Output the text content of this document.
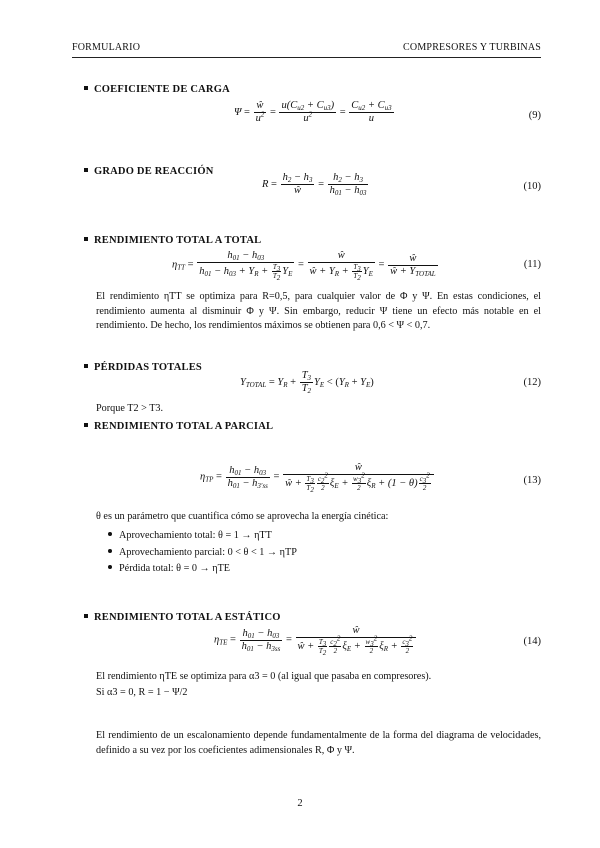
FORMULARIO	COMPRESORES Y TURBINAS
COEFICIENTE DE CARGA
$\Psi = \frac{ŵ}{u^2} = \frac{u(C_{u2} + C_{u3})}{u^2} = \frac{C_{u2} + C_{u3}}{u}$	(9)
GRADO DE REACCIÓN
$R = \frac{h_2 - h_3}{ŵ} = \frac{h_2 - h_3}{h_{01} - h_{03}}$	(10)
RENDIMIENTO TOTAL A TOTAL
$\eta_{TT} = \frac{h_{01} - h_{03}}{h_{01} - h_{03} + Y_R + \frac{T_3}{T_2} Y_E} = \frac{ŵ}{ŵ + Y_R + \frac{T_3}{T_2} Y_E} = \frac{ŵ}{ŵ + Y_{TOTAL}}$	(11)
El rendimiento ηTT se optimiza para R=0,5, para cualquier valor de Φ y Ψ. En estas condiciones, el rendimiento aumenta al disminuir Φ y Ψ. Sin embargo, reducir Ψ tiene un efecto más notable en el rendimiento. De hecho, los rendimientos máximos se obtienen para 0,6 < Ψ < 0,7.
PÉRDIDAS TOTALES
$Y_{TOTAL} = Y_R + \frac{T_3}{T_2} Y_E < (Y_R + Y_E)$	(12)
Porque T2 > T3.
RENDIMIENTO TOTAL A PARCIAL
$\eta_{TP} = \frac{h_{01} - h_{03}}{h_{01} - h_{3'ss}} = \frac{ŵ}{ŵ + \frac{T_3}{T_2} \frac{c_2^2}{2} \xi_E + \frac{w_3^2}{2} \xi_R + (1 - \theta) \frac{c_3^2}{2}}$	(13)
θ es un parámetro que cuantifica cómo se aprovecha la energía cinética:
Aprovechamiento total: θ = 1 → ηTT
Aprovechamiento parcial: 0 < θ < 1 → ηTP
Pérdida total: θ = 0 → ηTE
RENDIMIENTO TOTAL A ESTÁTICO
$\eta_{TE} = \frac{h_{01} - h_{03}}{h_{01} - h_{3ss}} = \frac{ŵ}{ŵ + \frac{T_3}{T_2} \frac{c_2^2}{2} \xi_E + \frac{w_3^2}{2} \xi_R + \frac{c_3^2}{2}}$	(14)
El rendimiento ηTE se optimiza para α3 = 0 (al igual que pasaba en compresores).
Si α3 = 0, R = 1 − Ψ/2
El rendimiento de un escalonamiento depende fundamentalmente de la forma del diagrama de velocidades, definido a su vez por los coeficientes adimensionales R, Φ y Ψ.
2
